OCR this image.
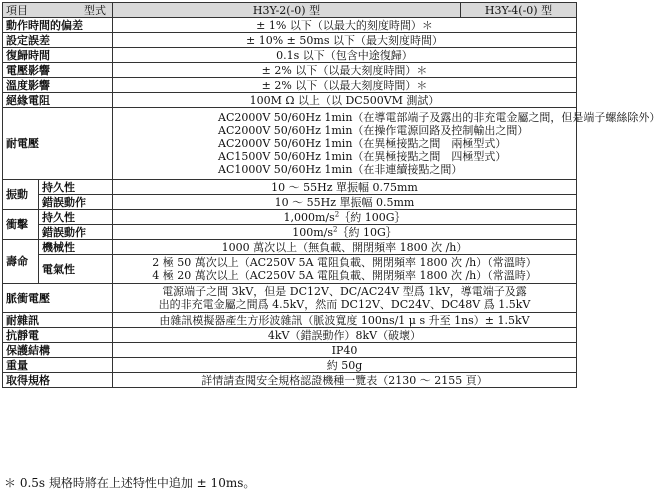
項目 型式		H3Y-2(-0) 型	H3Y-4(-0) 型
動作時間的偏差		± 1% 以下（以最大的刻度時間）＊	
設定誤差		± 10% ± 50ms 以下（最大刻度時間）	
復歸時間		0.1s 以下（包含中途復歸）	
電壓影響		± 2% 以下（以最大刻度時間）＊	
溫度影響		± 2% 以下（以最大刻度時間）＊	
絕緣電阻		100M Ω 以上（以 DC500VM 測試）	
耐電壓		AC2000V 50/60Hz 1min（在導電部端子及露出的非充電金屬之間，但是端子螺絲除外）
AC2000V 50/60Hz 1min（在操作電源回路及控制輸出之間）
AC2000V 50/60Hz 1min（在異極接點之間　兩極型式）
AC1500V 50/60Hz 1min（在異極接點之間　四極型式）
AC1000V 50/60Hz 1min（在非連續接點之間）	

振動	持久性	10 ～ 55Hz 單振幅 0.75mm	
	錯誤動作	10 ～ 55Hz 單振幅 0.5mm	
衝擊	持久性	$1,000m/s^2\{$約 100G｝	
	錯誤動作	$100m/s^2\{$約 10G｝	
壽命	機械性	1000 萬次以上（無負載、開閉頻率 1800 次 /h）	
	電氣性	2 極 50 萬次以上（AC250V 5A 電阻負載、開閉頻率 1800 次 /h）（常溫時）
4 極 20 萬次以上（AC250V 5A 電阻負載、開閉頻率 1800 次 /h）（常溫時）	

脈衝電壓		電源端子之間 3kV，但是 DC12V、DC/AC24V 型爲 1kV，導電端子及露
出的非充電金屬之間爲 4.5kV，然而 DC12V、DC24V、DC48V 爲 1.5kV	

耐雜訊		由雜訊模擬器產生方形波雜訊（脈波寬度 100ns/1 μ s 升至 1ns）± 1.5kV	
抗靜電		4kV（錯誤動作）8kV（破壞）	
保護結構		IP40	
重量		約 50g	
取得規格		詳情請查閱安全規格認證機種一覽表（2130 ～ 2155 頁）	
＊ 0.5s 規格時將在上述特性中追加 ± 10ms。
